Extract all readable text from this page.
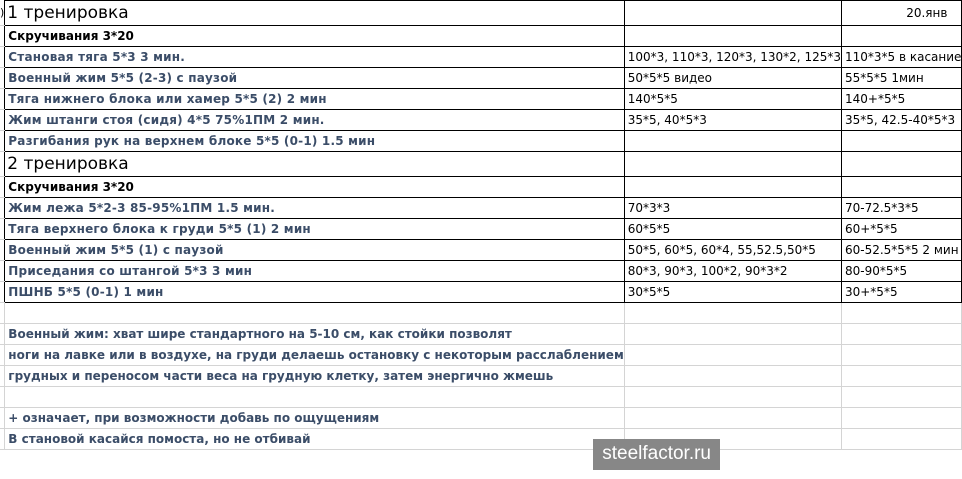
)	1 тренировка		20.янв
	Скручивания 3*20		
	Становая тяга 5*3 3 мин.	100*3, 110*3, 120*3, 130*2, 125*3	110*3*5 в касание
	Военный жим 5*5 (2-3) с паузой	50*5*5 видео	55*5*5 1мин
	Тяга нижнего блока или хамер 5*5 (2) 2 мин	140*5*5	140+*5*5
	Жим штанги стоя (сидя) 4*5 75%1ПМ 2 мин.	35*5, 40*5*3	35*5, 42.5-40*5*3
	Разгибания рук на верхнем блоке 5*5 (0-1) 1.5 мин		
	2 тренировка		
	Скручивания 3*20		
	Жим лежа 5*2-3 85-95%1ПМ 1.5 мин.	70*3*3	70-72.5*3*5
	Тяга верхнего блока к груди 5*5 (1) 2 мин	60*5*5	60+*5*5
	Военный жим 5*5 (1) с паузой	50*5, 60*5, 60*4, 55,52.5,50*5	60-52.5*5*5 2 мин
	Приседания со штангой 5*3 3 мин	80*3, 90*3, 100*2, 90*3*2	80-90*5*5
	ПШНБ 5*5 (0-1) 1 мин	30*5*5	30+*5*5

	Военный жим: хват шире стандартного на 5-10 см, как стойки позволят		
	ноги на лавке или в воздухе, на груди делаешь остановку с некоторым расслаблением		
	грудных и переносом части веса на грудную клетку, затем энергично жмешь		

	+ означает, при возможности добавь по ощущениям		
	В становой касайся помоста, но не отбивай		
steelfactor.ru
